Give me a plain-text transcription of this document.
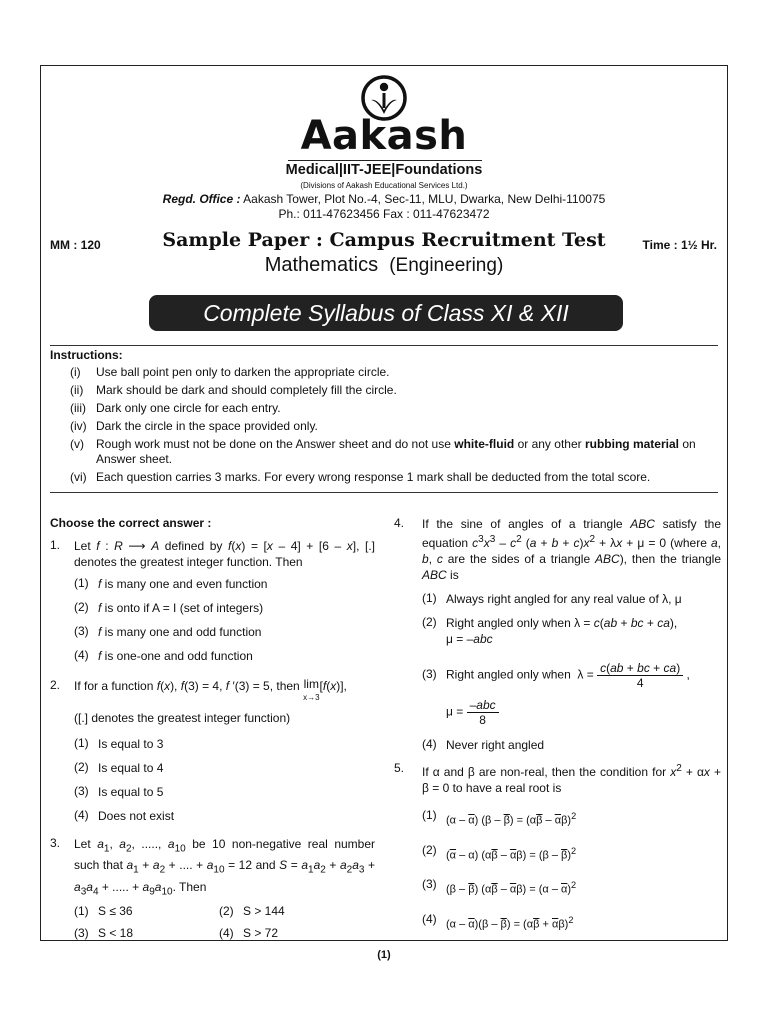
Aakash
Medical|IIT-JEE|Foundations
(Divisions of Aakash Educational Services Ltd.)
Regd. Office : Aakash Tower, Plot No.-4, Sec-11, MLU, Dwarka, New Delhi-110075
Ph.: 011-47623456 Fax : 011-47623472
MM : 120	Sample Paper : Campus Recruitment Test	Time : 1½ Hr.
Mathematics (Engineering)
Complete Syllabus of Class XI & XII
Instructions:
(i)	Use ball point pen only to darken the appropriate circle.
(ii)	Mark should be dark and should completely fill the circle.
(iii) Dark only one circle for each entry.
(iv) Dark the circle in the space provided only.
(v)	Rough work must not be done on the Answer sheet and do not use white-fluid or any other rubbing material on Answer sheet.
(vi) Each question carries 3 marks. For every wrong response 1 mark shall be deducted from the total score.
Choose the correct answer :
1.	Let f : R ⟶ A defined by f(x) = [x – 4] + [6 – x], [.] denotes the greatest integer function. Then
(1) f is many one and even function
(2) f is onto if A = I (set of integers)
(3) f is many one and odd function
(4) f is one-one and odd function
2.	If for a function f(x), f(3) = 4, f ′(3) = 5, then lim
x→3[f(x)],
([.] denotes the greatest integer function)
(1) Is equal to 3
(2) Is equal to 4
(3) Is equal to 5
(4) Does not exist
3.	Let $a_1$, $a_2$, ....., $a_{10}$ be 10 non-negative real number such that $a_1 + a_2$ + .... + $a_{10} = 12$ and $S = a_1a_2 + a_2a_3 + a_3a_4$ + ..... + $a_9a_{10}$. Then
(1) S ≤ 36	(2) S > 144
(3) S < 18	(4) S > 72
4.	If the sine of angles of a triangle ABC satisfy the equation $c^3x^3 - c^2$ $(a + b + c)x^2 + \lambda x + \mu = 0$ (where a, b, c are the sides of a triangle ABC), then the triangle ABC is
(1) Always right angled for any real value of λ, μ
(2) Right angled only when λ = c(ab + bc + ca),
μ = –abc
(3) Right angled only when  $\lambda = \frac{c(ab + bc + ca)}{4}$ ,
$\mu = \frac{\text{–abc}}{8}$
(4) Never right angled
5.	If α and β are non-real, then the condition for $x^2 + \alpha x + \beta = 0$ to have a real root is
(1) $(\alpha - \overline{\alpha})$ $(\beta - \overline{\beta}) = (\alpha\overline{\beta} - \overline{\alpha}\beta)^2$
(2) $(\overline{\alpha} - \alpha)$ $(\alpha\overline{\beta} - \overline{\alpha}\beta) = (\beta - \overline{\beta})^2$
(3) $(\beta - \overline{\beta})$ $(\alpha\overline{\beta} - \overline{\alpha}\beta) = (\alpha - \overline{\alpha})^2$
(4) $(\alpha - \overline{\alpha})(\beta - \overline{\beta}) = (\alpha\overline{\beta} + \overline{\alpha}\beta)^2$
(1)
